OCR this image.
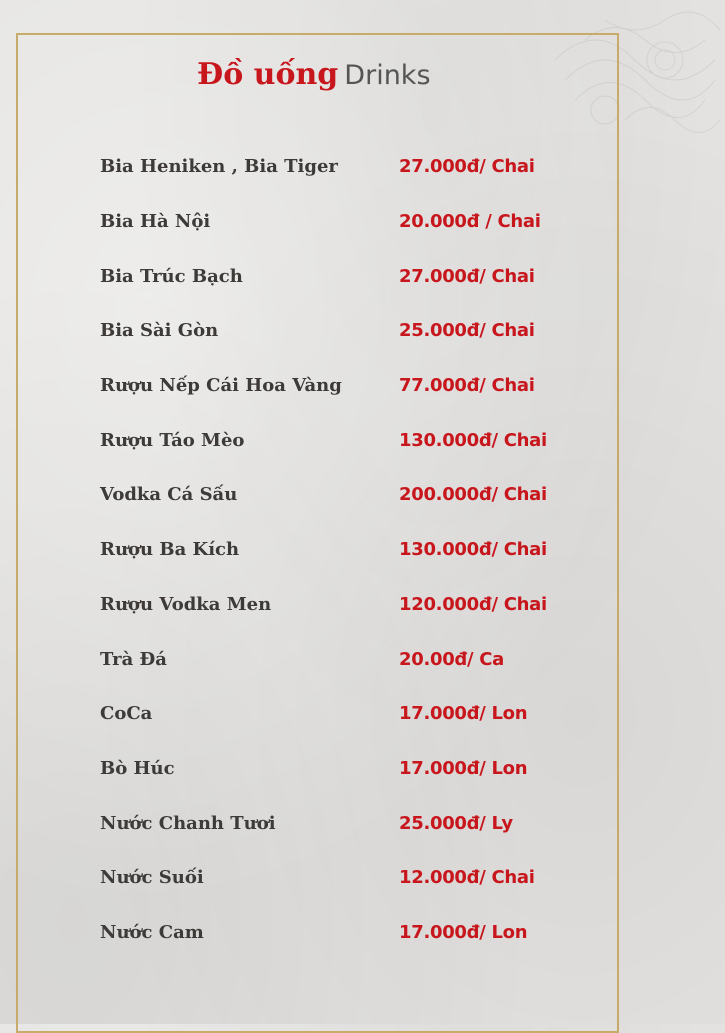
Đồ uống Drinks
Bia Heniken , Bia Tiger	27.000đ/ Chai
Bia Hà Nội	20.000đ / Chai
Bia Trúc Bạch	27.000đ/ Chai
Bia Sài Gòn	25.000đ/ Chai
Rượu Nếp Cái Hoa Vàng	77.000đ/ Chai
Rượu Táo Mèo	130.000đ/ Chai
Vodka Cá Sấu	200.000đ/ Chai
Rượu Ba Kích	130.000đ/ Chai
Rượu Vodka Men	120.000đ/ Chai
Trà Đá	20.00đ/ Ca
CoCa	17.000đ/ Lon
Bò Húc	17.000đ/ Lon
Nước Chanh Tươi	25.000đ/ Ly
Nước Suối	12.000đ/ Chai
Nước Cam	17.000đ/ Lon
